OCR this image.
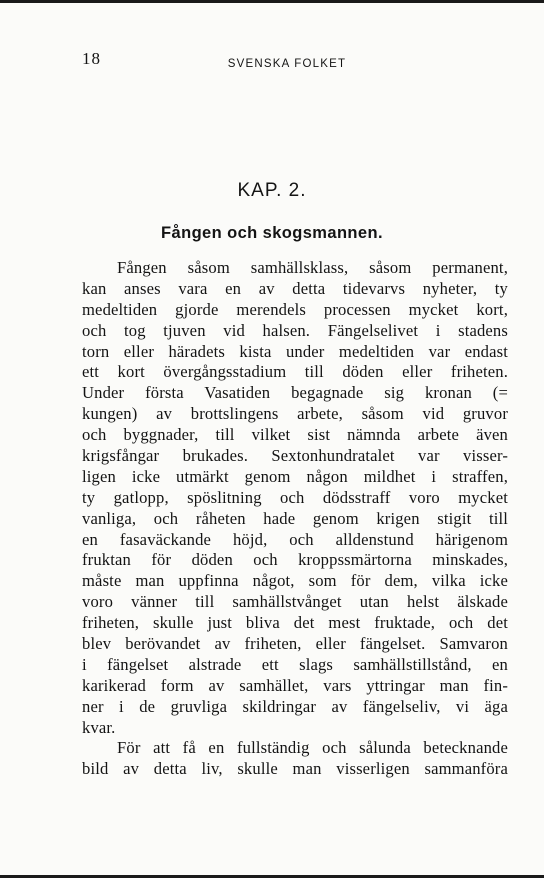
18	SVENSKA FOLKET
KAP. 2.
Fången och skogsmannen.
Fången såsom samhällsklass, såsom permanent,
kan anses vara en av detta tidevarvs nyheter, ty
medeltiden gjorde merendels processen mycket kort,
och tog tjuven vid halsen. Fängelselivet i stadens
torn eller häradets kista under medeltiden var endast
ett kort övergångsstadium till döden eller friheten.
Under första Vasatiden begagnade sig kronan (=
kungen) av brottslingens arbete, såsom vid gruvor
och byggnader, till vilket sist nämnda arbete även
krigsfångar brukades. Sextonhundratalet var visser-
ligen icke utmärkt genom någon mildhet i straffen,
ty gatlopp, spöslitning och dödsstraff voro mycket
vanliga, och råheten hade genom krigen stigit till
en fasaväckande höjd, och alldenstund härigenom
fruktan för döden och kroppssmärtorna minskades,
måste man uppfinna något, som för dem, vilka icke
voro vänner till samhällstvånget utan helst älskade
friheten, skulle just bliva det mest fruktade, och det
blev berövandet av friheten, eller fängelset. Samvaron
i fängelset alstrade ett slags samhällstillstånd, en
karikerad form av samhället, vars yttringar man fin-
ner i de gruvliga skildringar av fängelseliv, vi äga
kvar.
För att få en fullständig och sålunda betecknande
bild av detta liv, skulle man visserligen sammanföra
